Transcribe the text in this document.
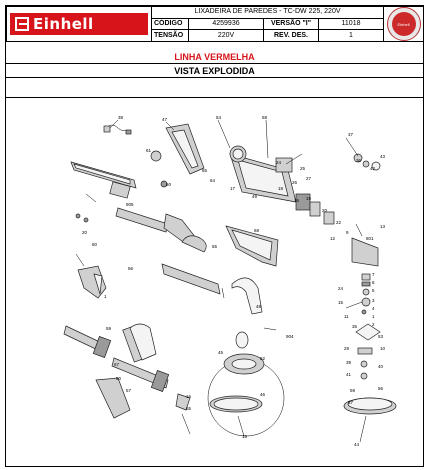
Einhell	LIXADEIRA DE PAREDES - TC-DW 225, 220V				Einhell

	CÓDIGO	4259936	VERSÃO "I"	11018	
	TENSÃO	220V	REV. DES.	1	
LINHA VERMELHA
VISTA EXPLODIDA
38	47
61
60
54	58
64
65
17	18
19
20
22
26
27
25
24
49
16
12
37
36
42
43
13
9
7
6
5
3
4
1
2
24
15
29
39
41
40
59	56
57
44
53
10
35
11
801
905
56
1
20
60
48
68
55
904
52
46
45
67
50
57
15
16
65
59
